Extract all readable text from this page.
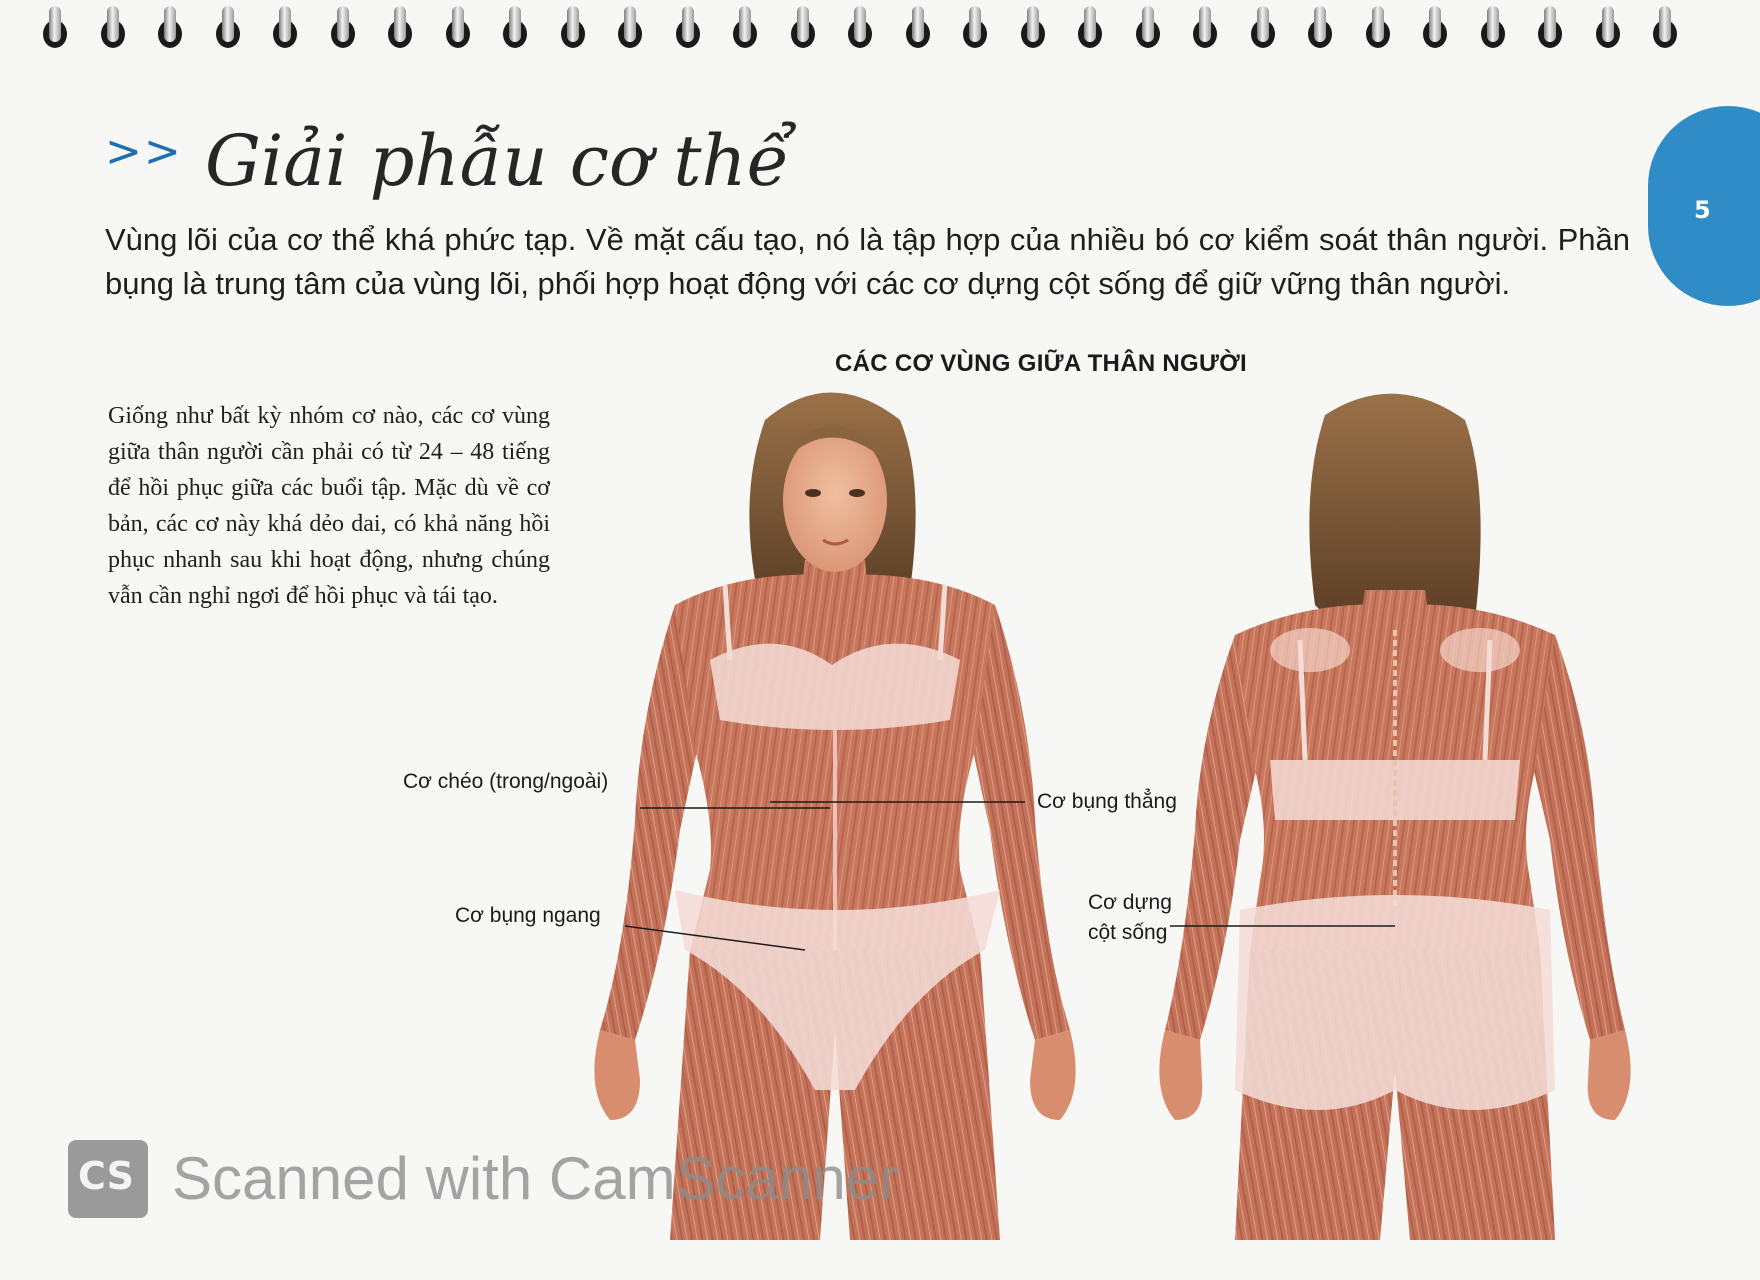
5
>> Giải phẫu cơ thể
Vùng lõi của cơ thể khá phức tạp. Về mặt cấu tạo, nó là tập hợp của nhiều bó cơ kiểm soát thân người. Phần bụng là trung tâm của vùng lõi, phối hợp hoạt động với các cơ dựng cột sống để giữ vững thân người.
Giống như bất kỳ nhóm cơ nào, các cơ vùng giữa thân người cần phải có từ 24 – 48 tiếng để hồi phục giữa các buổi tập. Mặc dù về cơ bản, các cơ này khá dẻo dai, có khả năng hồi phục nhanh sau khi hoạt động, nhưng chúng vẫn cần nghỉ ngơi để hồi phục và tái tạo.
CÁC CƠ VÙNG GIỮA THÂN NGƯỜI
Cơ chéo (trong/ngoài)
Cơ bụng thẳng
Cơ bụng ngang
Cơ dựng
cột sống
CS Scanned with CamScanner
